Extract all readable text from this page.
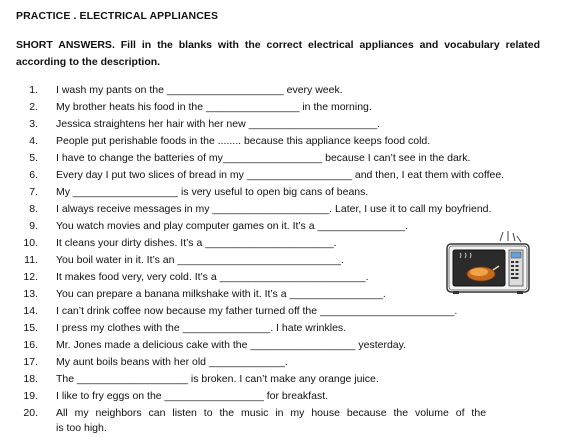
PRACTICE . ELECTRICAL APPLIANCES
SHORT ANSWERS. Fill in the blanks with the correct electrical appliances and vocabulary related according to the description.
1. I wash my pants on the ____________________ every week.
2. My brother heats his food in the ________________ in the morning.
3. Jessica straightens her hair with her new ______________________.
4. People put perishable foods in the ........ because this appliance keeps food cold.
5. I have to change the batteries of my_________________ because I can’t see in the dark.
6. Every day I put two slices of bread in my __________________ and then, I eat them with coffee.
7. My __________________ is very useful to open big cans of beans.
8. I always receive messages in my ____________________. Later, I use it to call my boyfriend.
9. You watch movies and play computer games on it. It’s a _______________.
10. It cleans your dirty dishes. It’s a ______________________.
11. You boil water in it. It’s an ____________________________.
12. It makes food very, very cold. It’s a _________________________.
13. You can prepare a banana milkshake with it. It’s a ________________.
14. I can’t drink coffee now because my father turned off the _______________________.
15. I press my clothes with the _______________. I hate wrinkles.
16. Mr. Jones made a delicious cake with the __________________ yesterday.
17. My aunt boils beans with her old _____________.
18. The ___________________ is broken. I can’t make any orange juice.
19. I like to fry eggs on the _________________ for breakfast.
20. All my neighbors can listen to the music in my house because the volume of the
is too high.
